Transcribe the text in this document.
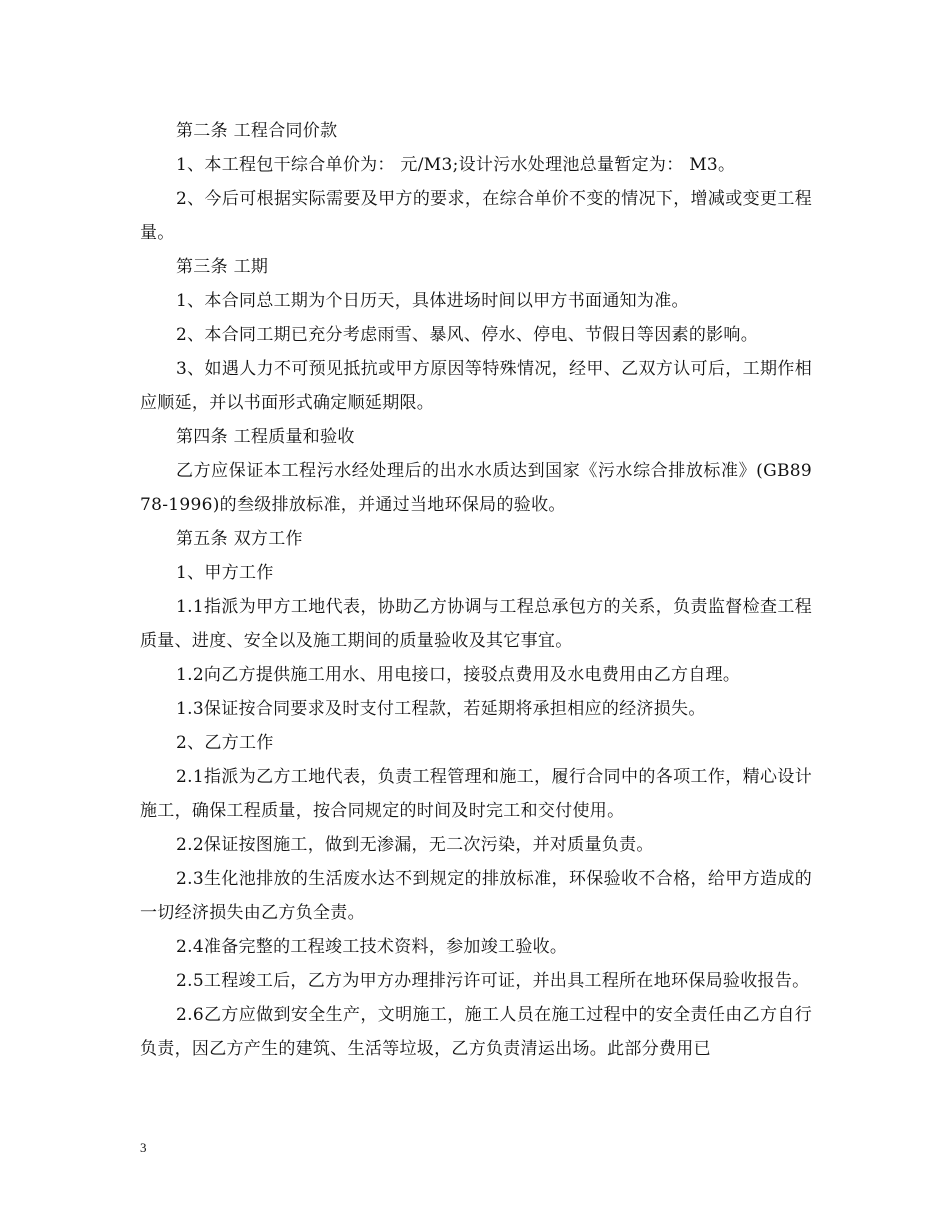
第二条 工程合同价款

1、本工程包干综合单价为： 元/M3;设计污水处理池总量暂定为： M3。

2、今后可根据实际需要及甲方的要求，在综合单价不变的情况下，增减或变更工程量。

第三条 工期

1、本合同总工期为个日历天，具体进场时间以甲方书面通知为准。

2、本合同工期已充分考虑雨雪、暴风、停水、停电、节假日等因素的影响。

3、如遇人力不可预见抵抗或甲方原因等特殊情况，经甲、乙双方认可后，工期作相应顺延，并以书面形式确定顺延期限。

第四条 工程质量和验收

乙方应保证本工程污水经处理后的出水水质达到国家《污水综合排放标准》(GB8978-1996)的叁级排放标准，并通过当地环保局的验收。

第五条 双方工作

1、甲方工作

1.1指派为甲方工地代表，协助乙方协调与工程总承包方的关系，负责监督检查工程质量、进度、安全以及施工期间的质量验收及其它事宜。

1.2向乙方提供施工用水、用电接口，接驳点费用及水电费用由乙方自理。

1.3保证按合同要求及时支付工程款，若延期将承担相应的经济损失。

2、乙方工作

2.1指派为乙方工地代表，负责工程管理和施工，履行合同中的各项工作，精心设计施工，确保工程质量，按合同规定的时间及时完工和交付使用。

2.2保证按图施工，做到无渗漏，无二次污染，并对质量负责。

2.3生化池排放的生活废水达不到规定的排放标准，环保验收不合格，给甲方造成的一切经济损失由乙方负全责。

2.4准备完整的工程竣工技术资料，参加竣工验收。

2.5工程竣工后，乙方为甲方办理排污许可证，并出具工程所在地环保局验收报告。

2.6乙方应做到安全生产，文明施工，施工人员在施工过程中的安全责任由乙方自行负责，因乙方产生的建筑、生活等垃圾，乙方负责清运出场。此部分费用已

3
